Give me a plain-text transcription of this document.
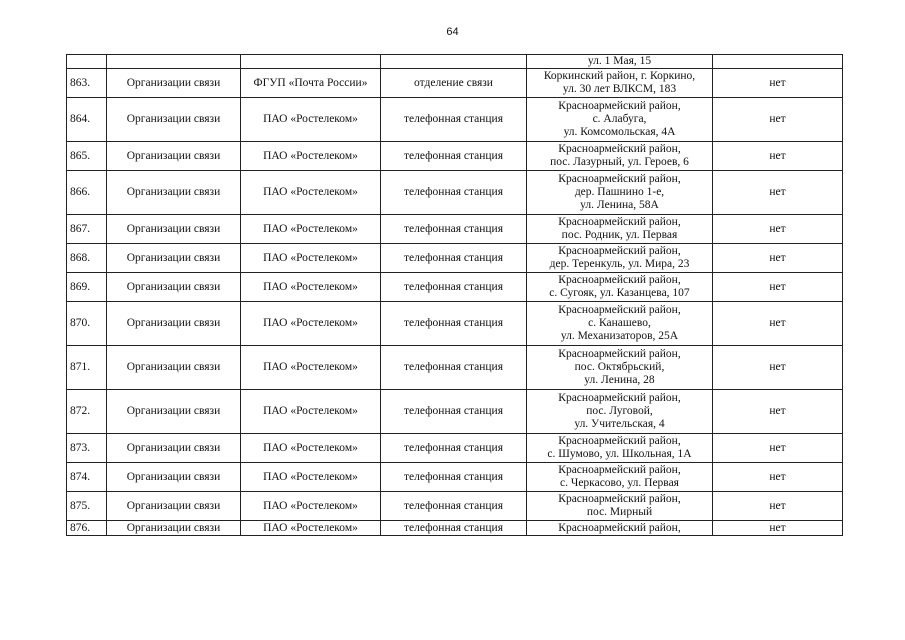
64
				ул. 1 Мая, 15	
863.	Организации связи	ФГУП «Почта России»	отделение связи	Коркинский район, г. Коркино,
ул. 30 лет ВЛКСМ, 183	нет
864.	Организации связи	ПАО «Ростелеком»	телефонная станция	Красноармейский район,
с. Алабуга,
ул. Комсомольская, 4А	нет
865.	Организации связи	ПАО «Ростелеком»	телефонная станция	Красноармейский район,
пос. Лазурный, ул. Героев, 6	нет
866.	Организации связи	ПАО «Ростелеком»	телефонная станция	Красноармейский район,
дер. Пашнино 1-е,
ул. Ленина, 58А	нет
867.	Организации связи	ПАО «Ростелеком»	телефонная станция	Красноармейский район,
пос. Родник, ул. Первая	нет
868.	Организации связи	ПАО «Ростелеком»	телефонная станция	Красноармейский район,
дер. Теренкуль, ул. Мира, 23	нет
869.	Организации связи	ПАО «Ростелеком»	телефонная станция	Красноармейский район,
с. Сугояк, ул. Казанцева, 107	нет
870.	Организации связи	ПАО «Ростелеком»	телефонная станция	Красноармейский район,
с. Канашево,
ул. Механизаторов, 25А	нет
871.	Организации связи	ПАО «Ростелеком»	телефонная станция	Красноармейский район,
пос. Октябрьский,
ул. Ленина, 28	нет
872.	Организации связи	ПАО «Ростелеком»	телефонная станция	Красноармейский район,
пос. Луговой,
ул. Учительская, 4	нет
873.	Организации связи	ПАО «Ростелеком»	телефонная станция	Красноармейский район,
с. Шумово, ул. Школьная, 1А	нет
874.	Организации связи	ПАО «Ростелеком»	телефонная станция	Красноармейский район,
с. Черкасово, ул. Первая	нет
875.	Организации связи	ПАО «Ростелеком»	телефонная станция	Красноармейский район,
пос. Мирный	нет
876.	Организации связи	ПАО «Ростелеком»	телефонная станция	Красноармейский район,	нет
